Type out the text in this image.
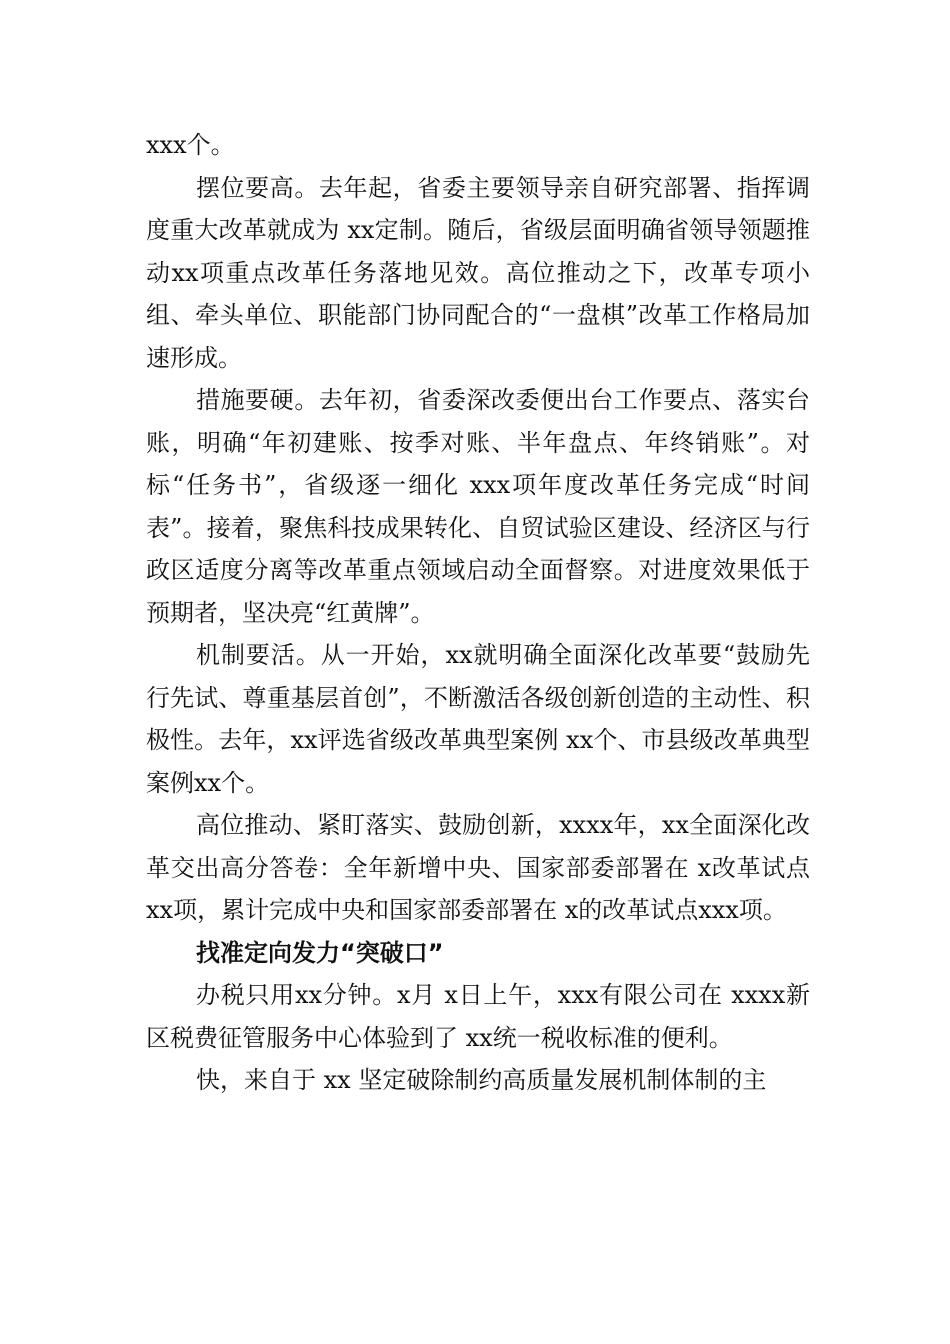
xxx个。

摆位要高。去年起，省委主要领导亲自研究部署、指挥调度重大改革就成为 xx定制。随后，省级层面明确省领导领题推动xx项重点改革任务落地见效。高位推动之下，改革专项小组、牵头单位、职能部门协同配合的“一盘棋”改革工作格局加速形成。

措施要硬。去年初，省委深改委便出台工作要点、落实台账，明确“年初建账、按季对账、半年盘点、年终销账”。对标“任务书”，省级逐一细化 xxx项年度改革任务完成“时间表”。接着，聚焦科技成果转化、自贸试验区建设、经济区与行政区适度分离等改革重点领域启动全面督察。对进度效果低于预期者，坚决亮“红黄牌”。

机制要活。从一开始，xx就明确全面深化改革要“鼓励先行先试、尊重基层首创”，不断激活各级创新创造的主动性、积极性。去年，xx评选省级改革典型案例 xx个、市县级改革典型案例xx个。

高位推动、紧盯落实、鼓励创新，xxxx年，xx全面深化改革交出高分答卷：全年新增中央、国家部委部署在 x改革试点 xx项，累计完成中央和国家部委部署在 x的改革试点xxx项。

找准定向发力“突破口”

办税只用xx分钟。x月 x日上午，xxx有限公司在 xxxx新区税费征管服务中心体验到了 xx统一税收标准的便利。

快，来自于 xx 坚定破除制约高质量发展机制体制的主
